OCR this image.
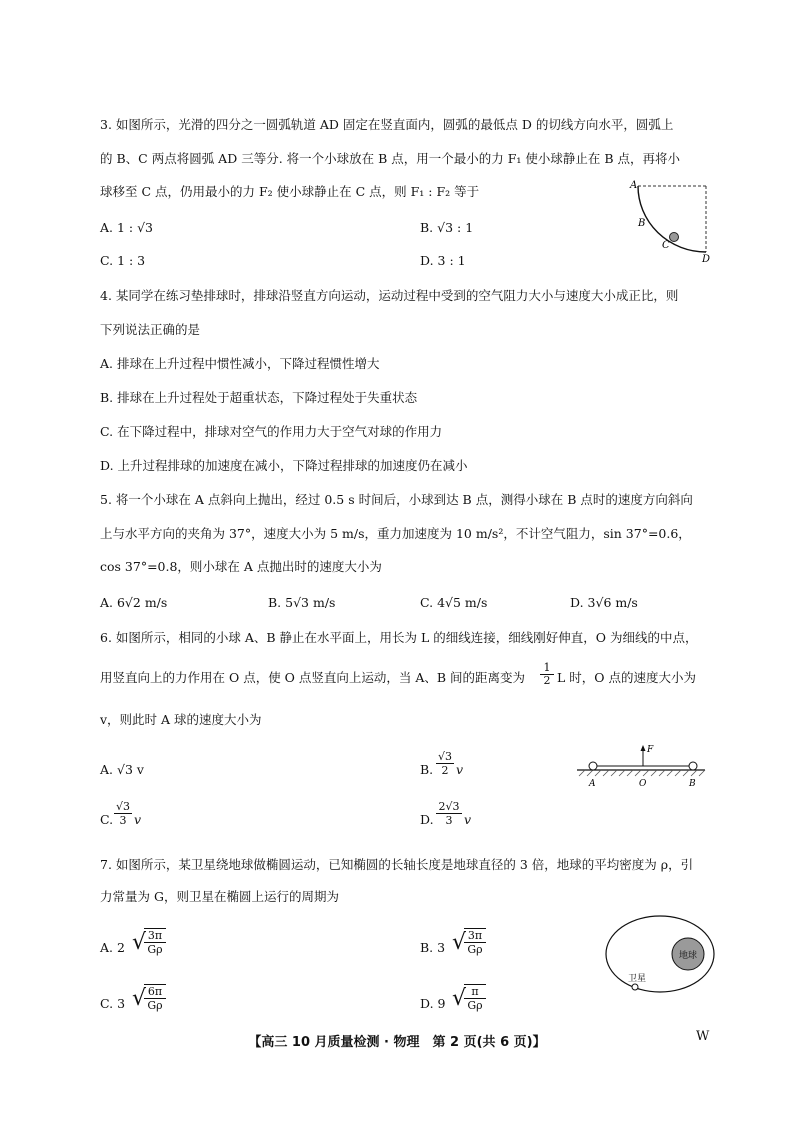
3. 如图所示，光滑的四分之一圆弧轨道 AD 固定在竖直面内，圆弧的最低点 D 的切线方向水平，圆弧上
的 B、C 两点将圆弧 AD 三等分. 将一个小球放在 B 点，用一个最小的力 F₁ 使小球静止在 B 点，再将小
球移至 C 点，仍用最小的力 F₂ 使小球静止在 C 点，则 F₁ : F₂ 等于
A. 1 : √3	B. √3 : 1
C. 1 : 3	D. 3 : 1
A
B
C
D
4. 某同学在练习垫排球时，排球沿竖直方向运动，运动过程中受到的空气阻力大小与速度大小成正比，则
下列说法正确的是
A. 排球在上升过程中惯性减小，下降过程惯性增大
B. 排球在上升过程处于超重状态，下降过程处于失重状态
C. 在下降过程中，排球对空气的作用力大于空气对球的作用力
D. 上升过程排球的加速度在减小，下降过程排球的加速度仍在减小
5. 将一个小球在 A 点斜向上抛出，经过 0.5 s 时间后，小球到达 B 点，测得小球在 B 点时的速度方向斜向
上与水平方向的夹角为 37°，速度大小为 5 m/s，重力加速度为 10 m/s²，不计空气阻力，sin 37°=0.6，
cos 37°=0.8，则小球在 A 点抛出时的速度大小为
A. 6√2 m/s	B. 5√3 m/s	C. 4√5 m/s	D. 3√6 m/s
6. 如图所示，相同的小球 A、B 静止在水平面上，用长为 L 的细线连接，细线刚好伸直，O 为细线的中点，
用竖直向上的力作用在 O 点，使 O 点竖直向上运动，当 A、B 间的距离变为 $\frac{1}{2}$ L 时，O 点的速度大小为
v，则此时 A 球的速度大小为
A. √3 v	B. $\frac{√3}{2}$ v
C. $\frac{√3}{3}$ v	D. $\frac{2√3}{3}$ v
F
A	O	B
7. 如图所示，某卫星绕地球做椭圆运动，已知椭圆的长轴长度是地球直径的 3 倍，地球的平均密度为 ρ，引
力常量为 G，则卫星在椭圆上运行的周期为
A. 2 √
$\frac{3\pi}{G\rho}$	B. 3 √
$\frac{3\pi}{G\rho}$
C. 3 √
$\frac{6\pi}{G\rho}$	D. 9 √
$\frac{\pi}{G\rho}$
地球
卫星
【高三 10 月质量检测 · 物理　第 2 页(共 6 页)】	W
